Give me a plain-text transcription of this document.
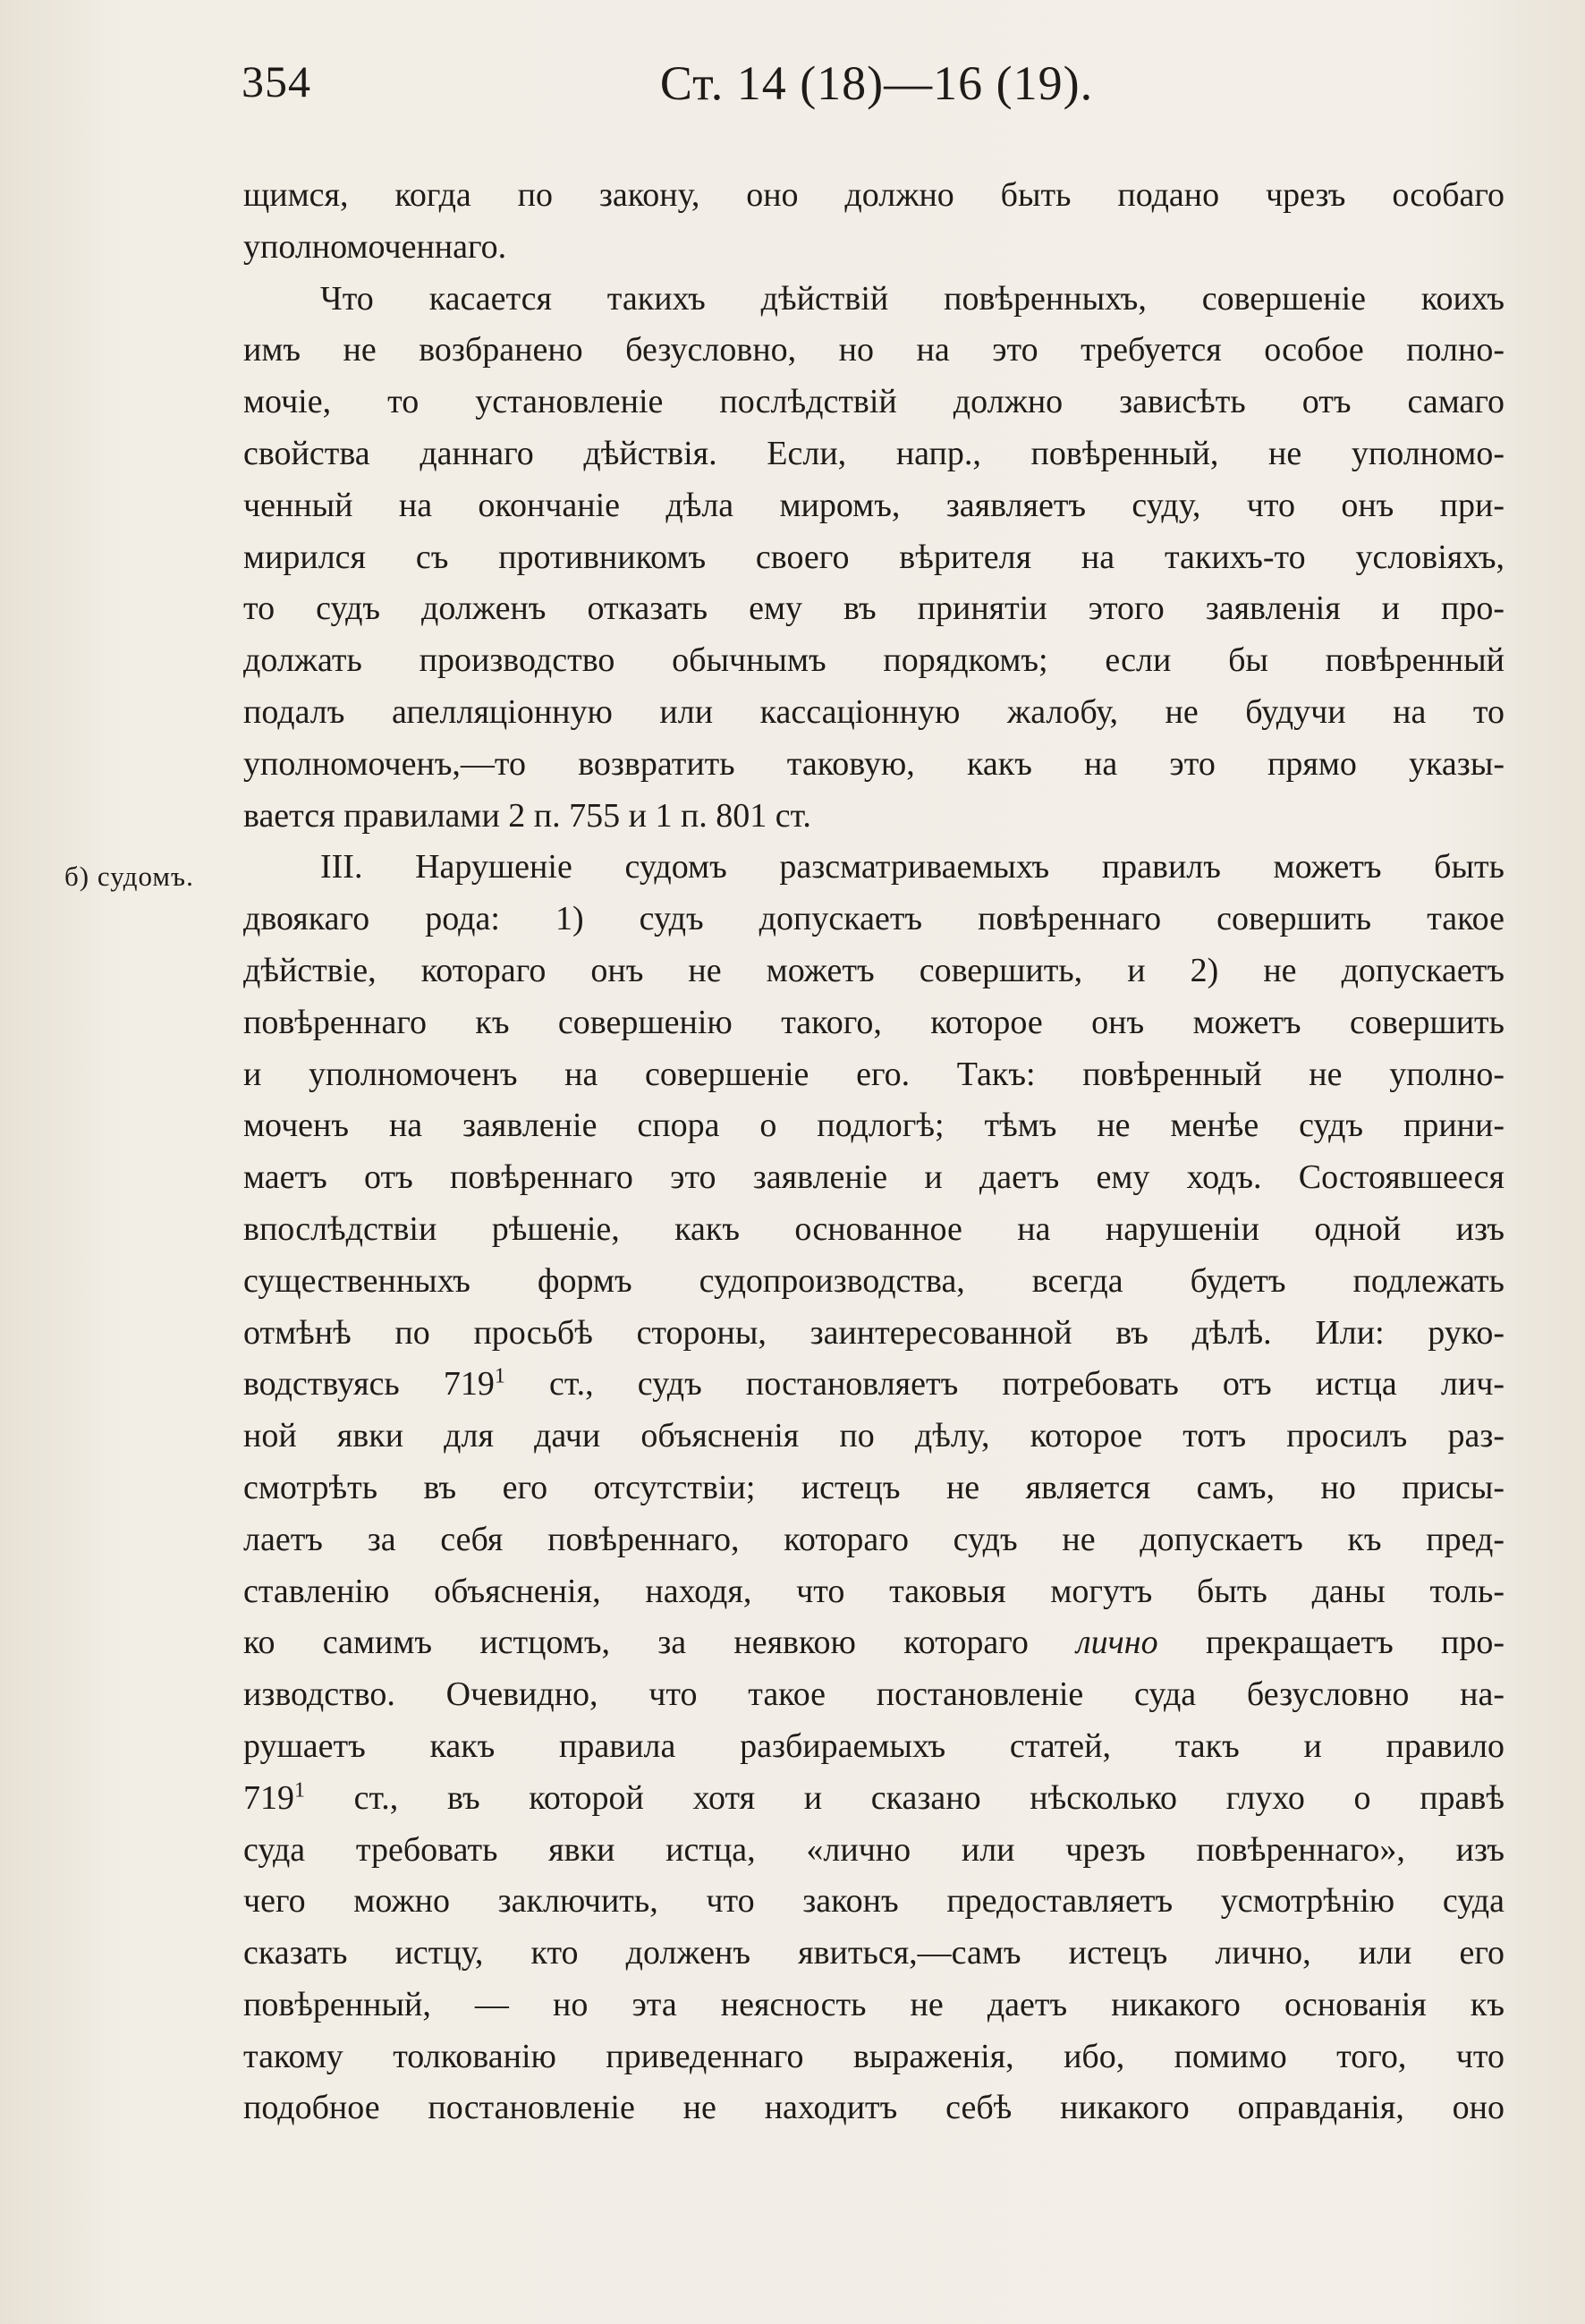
354	Ст. 14 (18)—16 (19).
б) судомъ.
щимся, когда по закону, оно должно быть подано чрезъ особаго
уполномоченнаго.
Что касается такихъ дѣйствій повѣренныхъ, совершеніе коихъ
имъ не возбранено безусловно, но на это требуется особое полно-
мочіе, то установленіе послѣдствій должно зависѣть отъ самаго
свойства даннаго дѣйствія. Если, напр., повѣренный, не уполномо-
ченный на окончаніе дѣла миромъ, заявляетъ суду, что онъ при-
мирился съ противникомъ своего вѣрителя на такихъ-то условіяхъ,
то судъ долженъ отказать ему въ принятіи этого заявленія и про-
должать производство обычнымъ порядкомъ; если бы повѣренный
подалъ апелляціонную или кассаціонную жалобу, не будучи на то
уполномоченъ,—то возвратить таковую, какъ на это прямо указы-
вается правилами 2 п. 755 и 1 п. 801 ст.
III. Нарушеніе судомъ разсматриваемыхъ правилъ можетъ быть
двоякаго рода: 1) судъ допускаетъ повѣреннаго совершить такое
дѣйствіе, котораго онъ не можетъ совершить, и 2) не допускаетъ
повѣреннаго къ совершенію такого, которое онъ можетъ совершить
и уполномоченъ на совершеніе его. Такъ: повѣренный не уполно-
моченъ на заявленіе спора о подлогѣ; тѣмъ не менѣе судъ прини-
маетъ отъ повѣреннаго это заявленіе и даетъ ему ходъ. Состоявшееся
впослѣдствіи рѣшеніе, какъ основанное на нарушеніи одной изъ
существенныхъ формъ судопроизводства, всегда будетъ подлежать
отмѣнѣ по просьбѣ стороны, заинтересованной въ дѣлѣ. Или: руко-
водствуясь $719^1$ ст., судъ постановляетъ потребовать отъ истца лич-
ной явки для дачи объясненія по дѣлу, которое тотъ просилъ раз-
смотрѣть въ его отсутствіи; истецъ не является самъ, но присы-
лаетъ за себя повѣреннаго, котораго судъ не допускаетъ къ пред-
ставленію объясненія, находя, что таковыя могутъ быть даны толь-
ко самимъ истцомъ, за неявкою котораго лично прекращаетъ про-
изводство. Очевидно, что такое постановленіе суда безусловно на-
рушаетъ какъ правила разбираемыхъ статей, такъ и правило
$719^1$ ст., въ которой хотя и сказано нѣсколько глухо о правѣ
суда требовать явки истца, «лично или чрезъ повѣреннаго», изъ
чего можно заключить, что законъ предоставляетъ усмотрѣнію суда
сказать истцу, кто долженъ явиться,—самъ истецъ лично, или его
повѣренный, — но эта неясность не даетъ никакого основанія къ
такому толкованію приведеннаго выраженія, ибо, помимо того, что
подобное постановленіе не находитъ себѣ никакого оправданія, оно
